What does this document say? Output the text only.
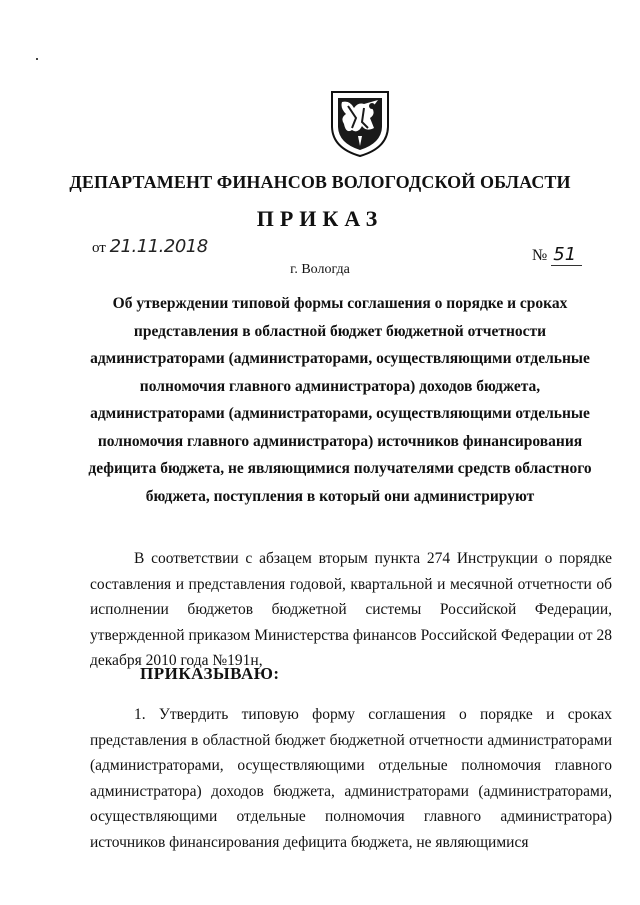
ДЕПАРТАМЕНТ ФИНАНСОВ ВОЛОГОДСКОЙ ОБЛАСТИ
ПРИКАЗ
от 21.11.2018	№ 51
г. Вологда
Об утверждении типовой формы соглашения о порядке и сроках представления в областной бюджет бюджетной отчетности администраторами (администраторами, осуществляющими отдельные полномочия главного администратора) доходов бюджета, администраторами (администраторами, осуществляющими отдельные полномочия главного администратора) источников финансирования дефицита бюджета, не являющимися получателями средств областного бюджета, поступления в который они администрируют
В соответствии с абзацем вторым пункта 274 Инструкции о порядке составления и представления годовой, квартальной и месячной отчетности об исполнении бюджетов бюджетной системы Российской Федерации, утвержденной приказом Министерства финансов Российской Федерации от 28 декабря 2010 года №191н,
ПРИКАЗЫВАЮ:
1. Утвердить типовую форму соглашения о порядке и сроках представления в областной бюджет бюджетной отчетности администраторами (администраторами, осуществляющими отдельные полномочия главного администратора) доходов бюджета, администраторами (администраторами, осуществляющими отдельные полномочия главного администратора) источников финансирования дефицита бюджета, не являющимися
